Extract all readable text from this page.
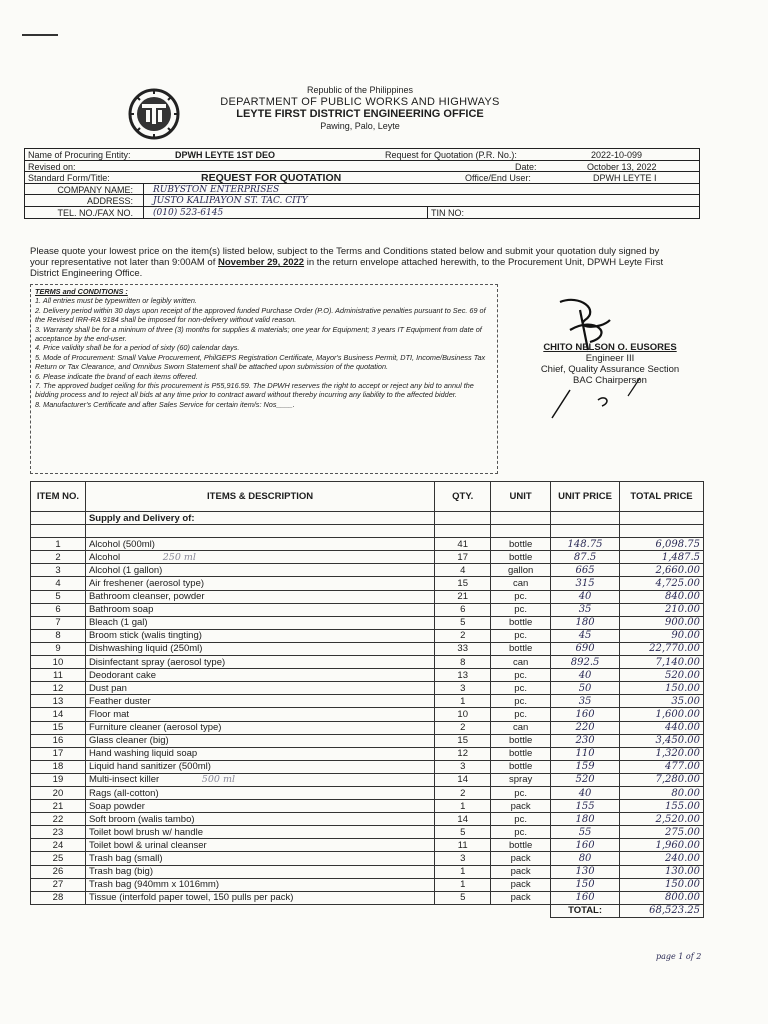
Republic of the Philippines
DEPARTMENT OF PUBLIC WORKS AND HIGHWAYS
LEYTE FIRST DISTRICT ENGINEERING OFFICE
Pawing, Palo, Leyte
Name of Procuring Entity:	DPWH LEYTE 1ST DEO	Request for Quotation (P.R. No.):	2022-10-099
Revised on:	Date:	October 13, 2022
Standard Form/Title:	REQUEST FOR QUOTATION	Office/End User:	DPWH LEYTE I
COMPANY NAME: RUBYSTON ENTERPRISES
ADDRESS: JUSTO KALIPAYON ST. TAC. CITY
TEL. NO./FAX NO. (010) 523-6145	TIN NO:
Please quote your lowest price on the item(s) listed below, subject to the Terms and Conditions stated below and submit your quotation duly signed by your representative not later than 9:00AM of November 29, 2022 in the return envelope attached herewith, to the Procurement Unit, DPWH Leyte First District Engineering Office.
TERMS and CONDITIONS :
1. All entries must be typewritten or legibly written.
2. Delivery period within 30 days upon receipt of the approved funded Purchase Order (P.O). Administrative penalties pursuant to Sec. 69 of the Revised IRR-RA 9184 shall be imposed for non-delivery without valid reason.
3. Warranty shall be for a mininum of three (3) months for supplies & materials; one year for Equipment; 3 years IT Equipment from date of acceptance by the end-user.
4. Price validity shall be for a period of sixty (60) calendar days.
5. Mode of Procurement: Small Value Procurement, PhilGEPS Registration Certificate, Mayor's Business Permit, DTI, Income/Business Tax Return or Tax Clearance, and Omnibus Sworn Statement shall be attached upon submission of the quotation.
6. Please indicate the brand of each items offered.
7. The approved budget ceiling for this procurement is P55,916.59. The DPWH reserves the right to accept or reject any bid to annul the bidding process and to reject all bids at any time prior to contract award without thereby incurring any liability to the affected bidder.
8. Manufacturer's Certificate and after Sales Service for certain item/s: Nos____.
CHITO NELSON O. EUSORES
Engineer III
Chief, Quality Assurance Section
BAC Chairperson
ITEM NO.	ITEMS & DESCRIPTION	QTY.	UNIT	UNIT PRICE	TOTAL PRICE
	Supply and Delivery of:				

1	Alcohol (500ml)	41	bottle	148.75	6,098.75
2	Alcohol 250 ml	17	bottle	87.5	1,487.5
3	Alcohol (1 gallon)	4	gallon	665	2,660.00
4	Air freshener (aerosol type)	15	can	315	4,725.00
5	Bathroom cleanser, powder	21	pc.	40	840.00
6	Bathroom soap	6	pc.	35	210.00
7	Bleach (1 gal)	5	bottle	180	900.00
8	Broom stick (walis tingting)	2	pc.	45	90.00
9	Dishwashing liquid (250ml)	33	bottle	690	22,770.00
10	Disinfectant spray (aerosol type)	8	can	892.5	7,140.00
11	Deodorant cake	13	pc.	40	520.00
12	Dust pan	3	pc.	50	150.00
13	Feather duster	1	pc.	35	35.00
14	Floor mat	10	pc.	160	1,600.00
15	Furniture cleaner (aerosol type)	2	can	220	440.00
16	Glass cleaner (big)	15	bottle	230	3,450.00
17	Hand washing liquid soap	12	bottle	110	1,320.00
18	Liquid hand sanitizer (500ml)	3	bottle	159	477.00
19	Multi-insect killer 500 ml	14	spray	520	7,280.00
20	Rags (all-cotton)	2	pc.	40	80.00
21	Soap powder	1	pack	155	155.00
22	Soft broom (walis tambo)	14	pc.	180	2,520.00
23	Toilet bowl brush w/ handle	5	pc.	55	275.00
24	Toilet bowl & urinal cleanser	11	bottle	160	1,960.00
25	Trash bag (small)	3	pack	80	240.00
26	Trash bag (big)	1	pack	130	130.00
27	Trash bag (940mm x 1016mm)	1	pack	150	150.00
28	Tissue (interfold paper towel, 150 pulls per pack)	5	pack	160	800.00
				TOTAL:	68,523.25
page 1 of 2
